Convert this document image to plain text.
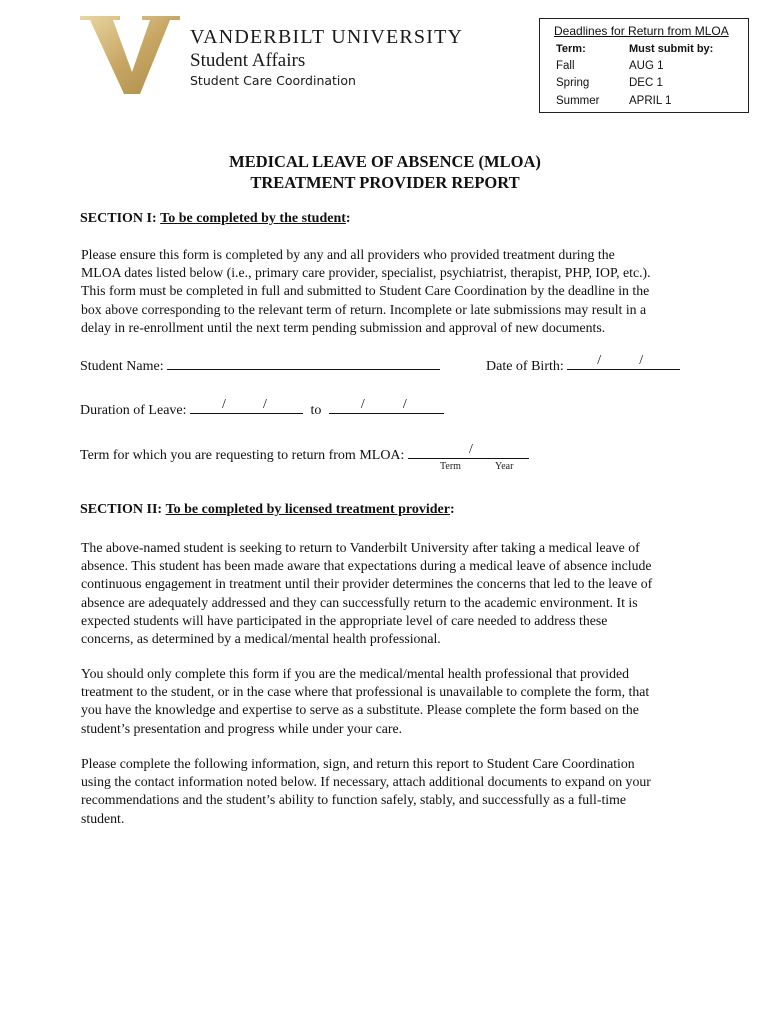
VANDERBILT UNIVERSITY
Student Affairs
Student Care Coordination
Deadlines for Return from MLOA
Term:	Must submit by:
Fall	AUG 1
Spring	DEC 1
Summer	APRIL 1
MEDICAL LEAVE OF ABSENCE (MLOA)
TREATMENT PROVIDER REPORT
SECTION I: To be completed by the student:

Please ensure this form is completed by any and all providers who provided treatment during the

MLOA dates listed below (i.e., primary care provider, specialist, psychiatrist, therapist, PHP, IOP, etc.).

This form must be completed in full and submitted to Student Care Coordination by the deadline in the

box above corresponding to the relevant term of return. Incomplete or late submissions may result in a

delay in re-enrollment until the next term pending submission and approval of new documents.

Student Name:	Date of Birth: /	/
Duration of Leave:	/	/	to	/	/
Term for which you are requesting to return from MLOA:	/
Term	Year
SECTION II: To be completed by licensed treatment provider:

The above-named student is seeking to return to Vanderbilt University after taking a medical leave of

absence. This student has been made aware that expectations during a medical leave of absence include

continuous engagement in treatment until their provider determines the concerns that led to the leave of

absence are adequately addressed and they can successfully return to the academic environment. It is

expected students will have participated in the appropriate level of care needed to address these

concerns, as determined by a medical/mental health professional.

You should only complete this form if you are the medical/mental health professional that provided

treatment to the student, or in the case where that professional is unavailable to complete the form, that

you have the knowledge and expertise to serve as a substitute. Please complete the form based on the

student’s presentation and progress while under your care.

Please complete the following information, sign, and return this report to Student Care Coordination

using the contact information noted below. If necessary, attach additional documents to expand on your

recommendations and the student’s ability to function safely, stably, and successfully as a full-time

student.
